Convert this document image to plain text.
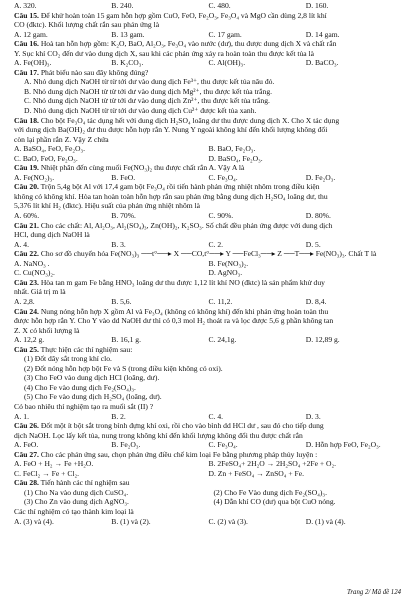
A. 320.	B. 240.	C. 480.	D. 160.
Câu 15. Để khử hoàn toàn 15 gam hỗn hợp gồm CuO, FeO, Fe₂O₃, Fe₃O₄ và MgO cần dùng 2,8 lít khí
CO (đktc). Khối lượng chất rắn sau phản ứng là
A. 12 gam.	B. 13 gam.	C. 17 gam.	D. 14 gam.
Câu 16. Hoà tan hỗn hợp gồm: K₂O, BaO, Al₂O₃, Fe₃O₄ vào nước (dư), thu được dung dịch X và chất rắn
Y. Sục khí CO₂ đến dư vào dung dịch X, sau khi các phản ứng xảy ra hoàn toàn thu được kết tủa là
A. Fe(OH)₃.	B. K₂CO₃.	C. Al(OH)₃.	D. BaCO₃.
Câu 17. Phát biểu nào sau đây không đúng?
A. Nhỏ dung dịch NaOH từ từ tới dư vào dung dịch Fe³⁺, thu được kết tủa nâu đỏ.
B. Nhỏ dung dịch NaOH từ từ tới dư vào dung dịch Mg²⁺, thu được kết tủa trắng.
C. Nhỏ dung dịch NaOH từ từ tới dư vào dung dịch Zn²⁺, thu được kết tủa trắng.
D. Nhỏ dung dịch NaOH từ từ tới dư vào dung dịch Cu²⁺ được kết tủa xanh.
Câu 18. Cho bột Fe₃O₄ tác dụng hết với dung dịch H₂SO₄ loãng dư thu được dung dịch X. Cho X tác dụng
với dung dịch Ba(OH)₂ dư thu được hỗn hợp rắn Y. Nung Y ngoài không khí đến khối lượng không đổi
còn lại phần rắn Z. Vậy Z chứa
A. BaSO₄, FeO, Fe₂O₃.	B. BaO, Fe₂O₃.
C. BaO, FeO, Fe₂O₃.	D. BaSO₄, Fe₂O₃.
Câu 19. Nhiệt phân đến cùng muối Fe(NO₃)₂ thu được chất rắn A. Vậy A là
A. Fe(NO₂)₃.	B. FeO.	C. Fe₃O₄.	D. Fe₂O₃.
Câu 20. Trộn 5,4g bột Al với 17,4 gam bột Fe₃O₄ rồi tiến hành phản ứng nhiệt nhôm trong điều kiện
không có không khí. Hòa tan hoàn toàn hỗn hợp rắn sau phản ứng bằng dung dịch H₂SO₄ loãng dư, thu
5,376 lít khí H₂ (đktc). Hiệu suất của phản ứng nhiệt nhôm là
A. 60%.	B. 70%.	C. 90%.	D. 80%.
Câu 21. Cho các chất: Al, Al₂O₃, Al₂(SO₄)₃, Zn(OH)₂, K₂SO₃. Số chất đều phản ứng được với dung dịch
HCl, dung dịch NaOH là
A. 4.	B. 3.	C. 2.	D. 5.
Câu 22. Cho sơ đồ chuyển hóa Fe(NO₃)₃ ──t°──▸ X ──CO,t°──▸ Y ──FeCl₃──▸ Z ──T──▸ Fe(NO₃)₃. Chất T là
A. NaNO₃ .	B. Fe(NO₃)₂.
C. Cu(NO₃)₂.	D. AgNO₃.
Câu 23. Hòa tan m gam Fe bằng HNO₃ loãng dư thu được 1,12 lít khí NO (đktc) là sản phẩm khử duy
nhất. Giá trị m là
A. 2,8.	B. 5,6.	C. 11,2.	D. 8,4.
Câu 24. Nung nóng hỗn hợp X gồm Al và Fe₃O₄ (không có không khí) đến khi phản ứng hoàn toàn thu
được hỗn hợp rắn Y. Cho Y vào dd NaOH dư thì có 0,3 mol H₂ thoát ra và lọc được 5,6 g phần không tan
Z. X có khối lượng là
A. 12,2 g.	B. 16,1 g.	C. 24,1g.	D. 12,89 g.
Câu 25. Thực hiện các thí nghiệm sau:
(1) Đốt dây sắt trong khí clo.
(2) Đốt nóng hỗn hợp bột Fe và S (trong điều kiện không có oxi).
(3) Cho FeO vào dung dịch HCl (loãng, dư).
(4) Cho Fe vào dung dịch Fe₂(SO₄)₃.
(5) Cho Fe vào dung dịch H₂SO₄ (loãng, dư).
Có bao nhiêu thí nghiệm tạo ra muối sắt (II) ?
A. 1.	B. 2.	C. 4.	D. 3.
Câu 26. Đốt một ít bột sắt trong bình đựng khí oxi, rồi cho vào bình dd HCl dư , sau đó cho tiếp dung
dịch NaOH. Lọc lấy kết tủa, nung trong không khí đến khối lượng không đổi thu được chất rắn
A. FeO.	B. Fe₂O₃.	C. Fe₃O₄.	D. Hỗn hợp FeO, Fe₂O₃.
Câu 27. Cho các phản ứng sau, chọn phản ứng điều chế kim loại Fe bằng phương pháp thủy luyện :
A. FeO + H₂ → Fe +H₂O.	B. 2FeSO₄+ 2H₂O → 2H₂SO₄ +2Fe + O₂.
C. FeCl₂ → Fe + Cl₂.	D. Zn + FeSO₄ → ZnSO₄ + Fe.
Câu 28. Tiến hành các thí nghiệm sau
(1) Cho Na vào dung dịch CuSO₄.	(2) Cho Fe Vào dung dịch Fe₂(SO₄)₃.
(3) Cho Zn vào dung dịch AgNO₃.	(4) Dẫn khí CO (dư) qua bột CuO nóng.
Các thí nghiệm có tạo thành kim loại là
A. (3) và (4).	B. (1) và (2).	C. (2) và (3).	D. (1) và (4).
Trang 2/ Mã đề 124
